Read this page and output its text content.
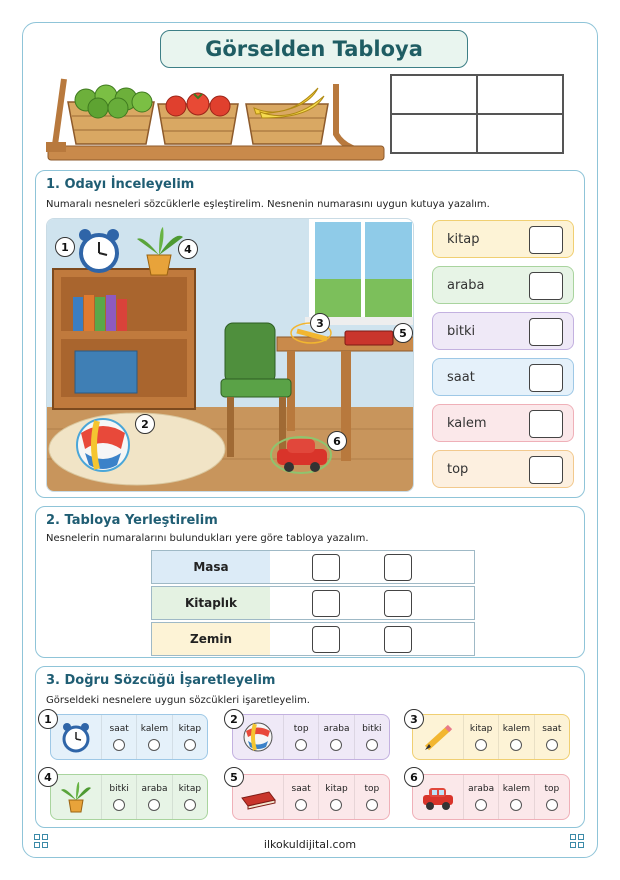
Görselden Tabloya
1. Odayı İnceleyelim
Numaralı nesneleri sözcüklerle eşleştirelim. Nesnenin numarasını uygun kutuya yazalım.
1
2
3
4
5
6
kitap
araba
bitki
saat
kalem
top
2. Tabloya Yerleştirelim
Nesnelerin numaralarını bulundukları yere göre tabloya yazalım.
Masa
Kitaplık
Zemin
3. Doğru Sözcüğü İşaretleyelim
Görseldeki nesnelere uygun sözcükleri işaretleyelim.
saat kalem kitap
1
top araba bitki
2
kitap kalem saat
3
bitki araba kitap
4
saat kitap top
5
araba kalem top
6
ilkokuldijital.com
